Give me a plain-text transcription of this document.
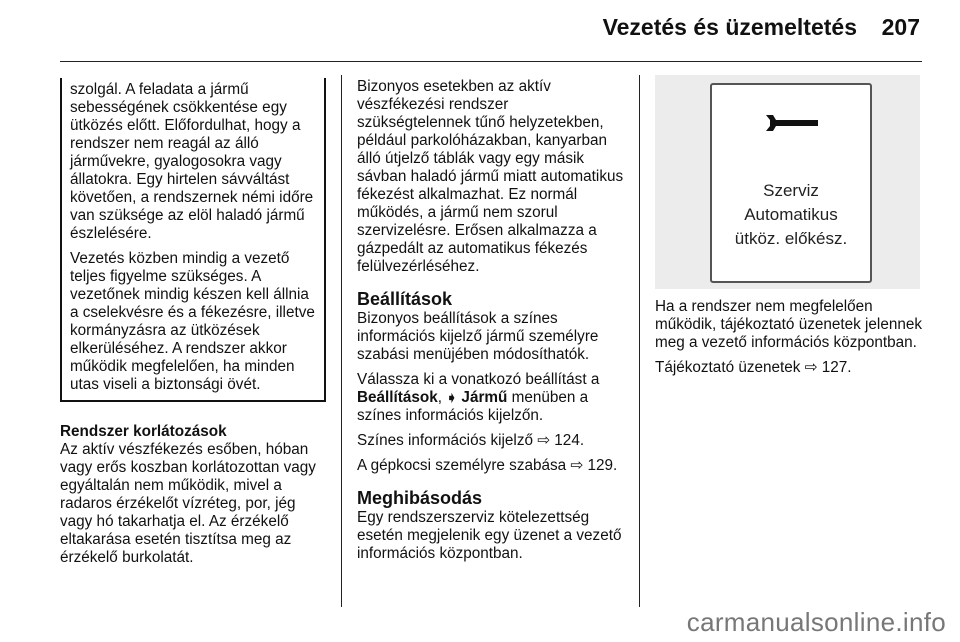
Vezetés és üzemeltetés 207

szolgál. A feladata a jármű sebességének csökkentése egy ütközés előtt. Előfordulhat, hogy a rendszer nem reagál az álló járművekre, gyalogosokra vagy állatokra. Egy hirtelen sávváltást követően, a rendszernek némi időre van szüksége az elöl haladó jármű észlelésére.

Vezetés közben mindig a vezető teljes figyelme szükséges. A vezetőnek mindig készen kell állnia a cselekvésre és a fékezésre, illetve kormányzásra az ütközések elkerüléséhez. A rendszer akkor működik megfelelően, ha minden utas viseli a biztonsági övét.

Rendszer korlátozások

Az aktív vészfékezés esőben, hóban vagy erős koszban korlátozottan vagy egyáltalán nem működik, mivel a radaros érzékelőt vízréteg, por, jég vagy hó takarhatja el. Az érzékelő eltakarása esetén tisztítsa meg az érzékelő burkolatát.

Bizonyos esetekben az aktív vészfékezési rendszer szükségtelennek tűnő helyzetekben, például parkolóházakban, kanyarban álló útjelző táblák vagy egy másik sávban haladó jármű miatt automatikus fékezést alkalmazhat. Ez normál működés, a jármű nem szorul szervizelésre. Erősen alkalmazza a gázpedált az automatikus fékezés felülvezérléséhez.

Beállítások

Bizonyos beállítások a színes információs kijelző jármű személyre szabási menüjében módosíthatók.

Válassza ki a vonatkozó beállítást a Beállítások, ➧ Jármű menüben a színes információs kijelzőn.

Színes információs kijelző ⇨ 124.

A gépkocsi személyre szabása ⇨ 129.

Meghibásodás

Egy rendszerszerviz kötelezettség esetén megjelenik egy üzenet a vezető információs központban.

Szerviz
Automatikus
ütköz. előkész.

Ha a rendszer nem megfelelően működik, tájékoztató üzenetek jelennek meg a vezető információs központban.

Tájékoztató üzenetek ⇨ 127.

carmanualsonline.info
